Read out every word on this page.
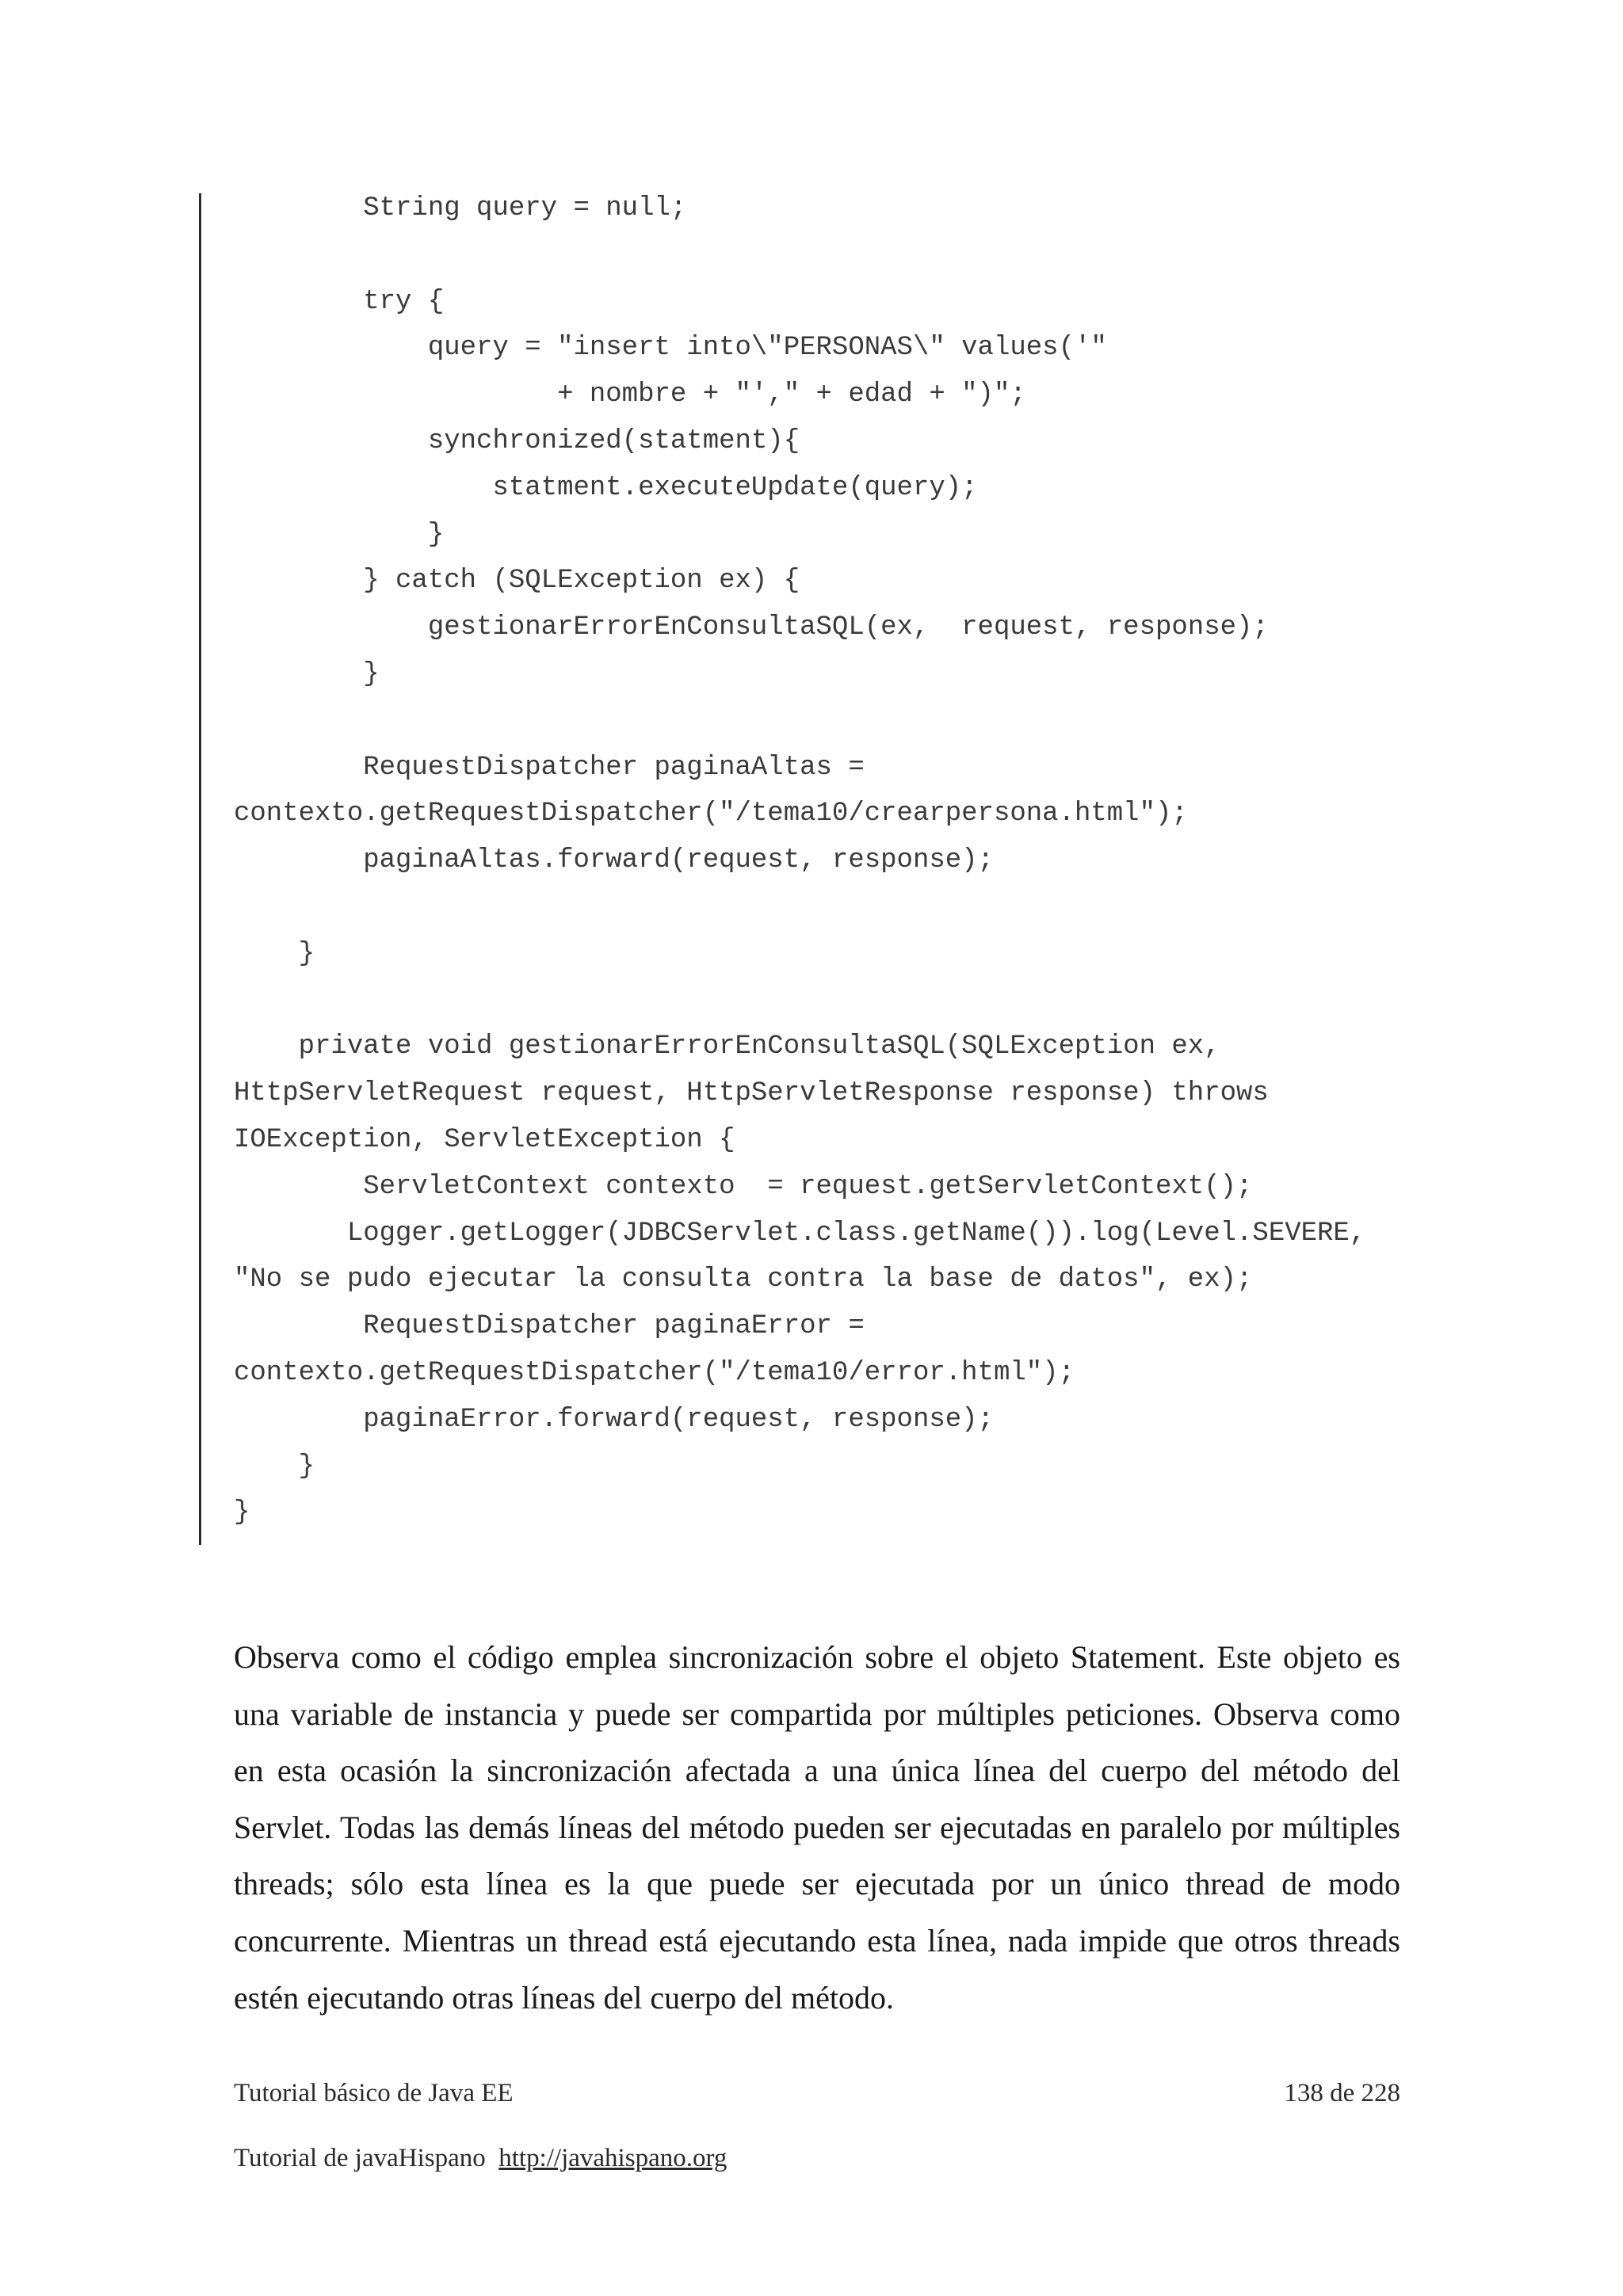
String query = null;
try {
query = "insert into\"PERSONAS\" values('"
+ nombre + "'," + edad + ")";
synchronized(statment){
statment.executeUpdate(query);
}
} catch (SQLException ex) {
gestionarErrorEnConsultaSQL(ex,  request, response);
}
RequestDispatcher paginaAltas =
contexto.getRequestDispatcher("/tema10/crearpersona.html");
paginaAltas.forward(request, response);
}
private void gestionarErrorEnConsultaSQL(SQLException ex,
HttpServletRequest request, HttpServletResponse response) throws
IOException, ServletException {
ServletContext contexto  = request.getServletContext();
Logger.getLogger(JDBCServlet.class.getName()).log(Level.SEVERE,
"No se pudo ejecutar la consulta contra la base de datos", ex);
RequestDispatcher paginaError =
contexto.getRequestDispatcher("/tema10/error.html");
paginaError.forward(request, response);
}
}

Observa como el código emplea sincronización sobre el objeto Statement. Este objeto es una variable de instancia y puede ser compartida por múltiples peticiones. Observa como en esta ocasión la sincronización afectada a una única línea del cuerpo del método del Servlet. Todas las demás líneas del método pueden ser ejecutadas en paralelo por múltiples threads; sólo esta línea es la que puede ser ejecutada por un único thread de modo concurrente. Mientras un thread está ejecutando esta línea, nada impide que otros threads estén ejecutando otras líneas del cuerpo del método.

Tutorial básico de Java EE	138 de 228
Tutorial de javaHispano http://javahispano.org
